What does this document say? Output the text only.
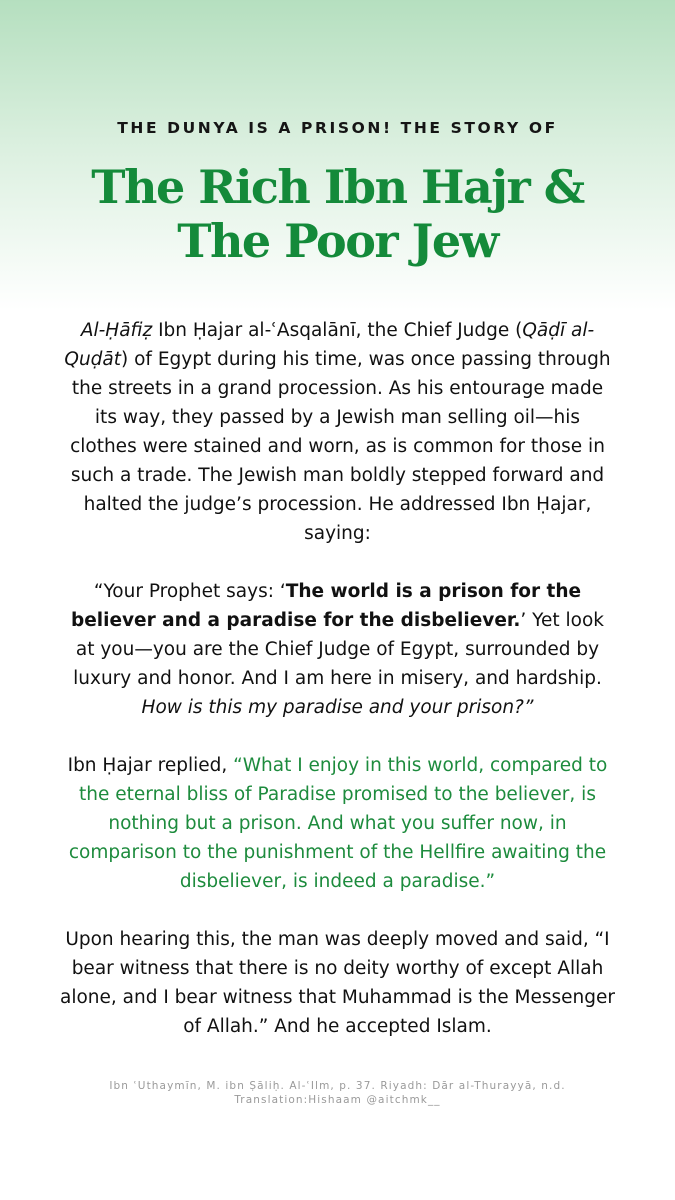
THE DUNYA IS A PRISON! THE STORY OF
The Rich Ibn Hajr &
The Poor Jew

Al-Ḥāfiẓ Ibn Ḥajar al-ʿAsqalānī, the Chief Judge (Qāḍī al-Quḍāt) of Egypt during his time, was once passing through the streets in a grand procession. As his entourage made its way, they passed by a Jewish man selling oil—his clothes were stained and worn, as is common for those in such a trade. The Jewish man boldly stepped forward and halted the judge’s procession. He addressed Ibn Ḥajar, saying:

“Your Prophet says: ‘The world is a prison for the believer and a paradise for the disbeliever.’ Yet look at you—you are the Chief Judge of Egypt, surrounded by luxury and honor. And I am here in misery, and hardship. How is this my paradise and your prison?”

Ibn Ḥajar replied, “What I enjoy in this world, compared to the eternal bliss of Paradise promised to the believer, is nothing but a prison. And what you suffer now, in comparison to the punishment of the Hellfire awaiting the disbeliever, is indeed a paradise.”

Upon hearing this, the man was deeply moved and said, “I bear witness that there is no deity worthy of except Allah alone, and I bear witness that Muhammad is the Messenger of Allah.” And he accepted Islam.

Ibn ʿUthaymīn, M. ibn Ṣāliḥ. Al-ʿIlm, p. 37. Riyadh: Dār al-Thurayyā, n.d.
Translation:Hishaam @aitchmk__
